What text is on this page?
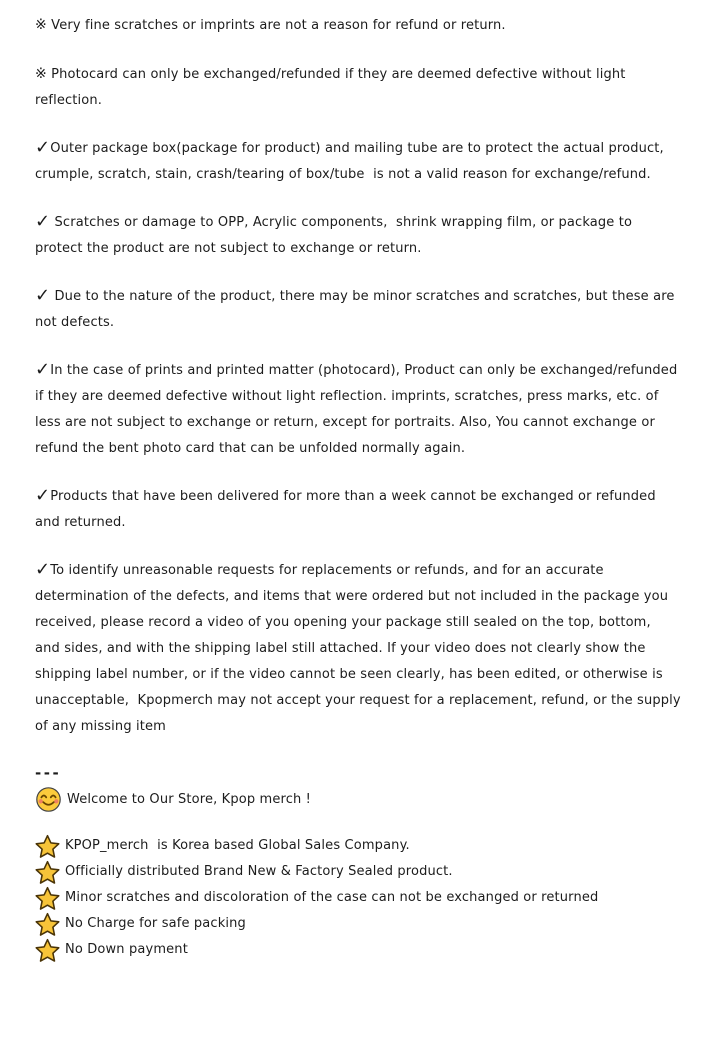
※ Very fine scratches or imprints are not a reason for refund or return.

※ Photocard can only be exchanged/refunded if they are deemed defective without light reflection.

✓Outer package box(package for product) and mailing tube are to protect the actual product, crumple, scratch, stain, crash/tearing of box/tube  is not a valid reason for exchange/refund.

✓ Scratches or damage to OPP, Acrylic components,  shrink wrapping film, or package to protect the product are not subject to exchange or return.

✓ Due to the nature of the product, there may be minor scratches and scratches, but these are not defects.

✓In the case of prints and printed matter (photocard), Product can only be exchanged/refunded if they are deemed defective without light reflection. imprints, scratches, press marks, etc. of less are not subject to exchange or return, except for portraits. Also, You cannot exchange or refund the bent photo card that can be unfolded normally again.

✓Products that have been delivered for more than a week cannot be exchanged or refunded and returned.

✓To identify unreasonable requests for replacements or refunds, and for an accurate determination of the defects, and items that were ordered but not included in the package you received, please record a video of you opening your package still sealed on the top, bottom,  and sides, and with the shipping label still attached. If your video does not clearly show the shipping label number, or if the video cannot be seen clearly, has been edited, or otherwise is unacceptable,  Kpopmerch may not accept your request for a replacement, refund, or the supply of any missing item

---
Welcome to Our Store, Kpop merch !
KPOP_merch  is Korea based Global Sales Company.
Officially distributed Brand New & Factory Sealed product.
Minor scratches and discoloration of the case can not be exchanged or returned
No Charge for safe packing
No Down payment
